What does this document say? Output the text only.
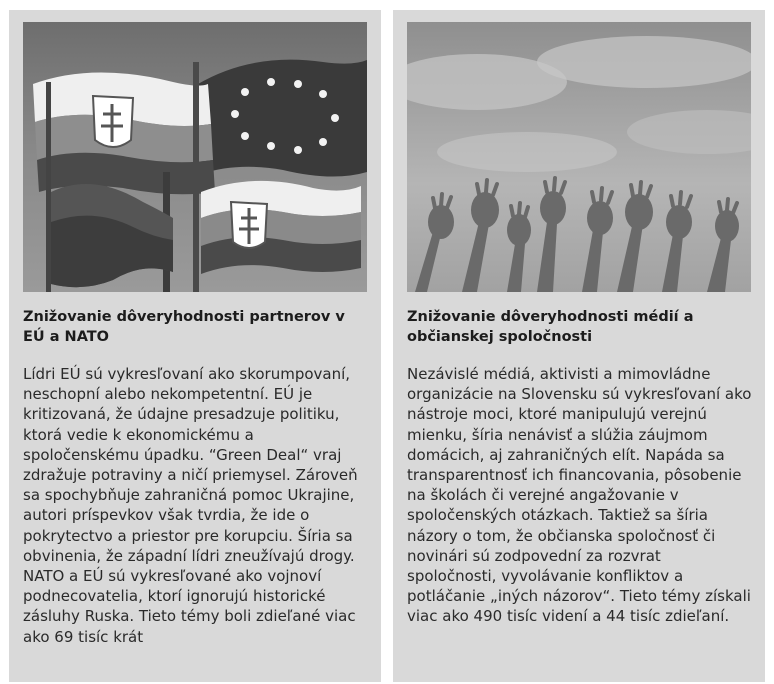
Znižovanie dôveryhodnosti partnerov v EÚ a NATO
Lídri EÚ sú vykresľovaní ako skorumpovaní, neschopní alebo nekompetentní. EÚ je kritizovaná, že údajne presadzuje politiku, ktorá vedie k ekonomickému a spoločenskému úpadku. “Green Deal“ vraj zdražuje potraviny a ničí priemysel. Zároveň sa spochybňuje zahraničná pomoc Ukrajine, autori príspevkov však tvrdia, že ide o pokrytectvo a priestor pre korupciu. Šíria sa obvinenia, že západní lídri zneužívajú drogy. NATO a EÚ sú vykresľované ako vojnoví podnecovatelia, ktorí ignorujú historické zásluhy Ruska. Tieto témy boli zdieľané viac ako 69 tisíc krát
Znižovanie dôveryhodnosti médií a občianskej spoločnosti
Nezávislé médiá, aktivisti a mimovládne organizácie na Slovensku sú vykresľovaní ako nástroje moci, ktoré manipulujú verejnú mienku, šíria nenávisť a slúžia záujmom domácich, aj zahraničných elít. Napáda sa transparentnosť ich financovania, pôsobenie na školách či verejné angažovanie v spoločenských otázkach. Taktiež sa šíria názory o tom, že občianska spoločnosť či novinári sú zodpovední za rozvrat spoločnosti, vyvolávanie konfliktov a potláčanie „iných názorov“. Tieto témy získali viac ako 490 tisíc videní a 44 tisíc zdieľaní.
